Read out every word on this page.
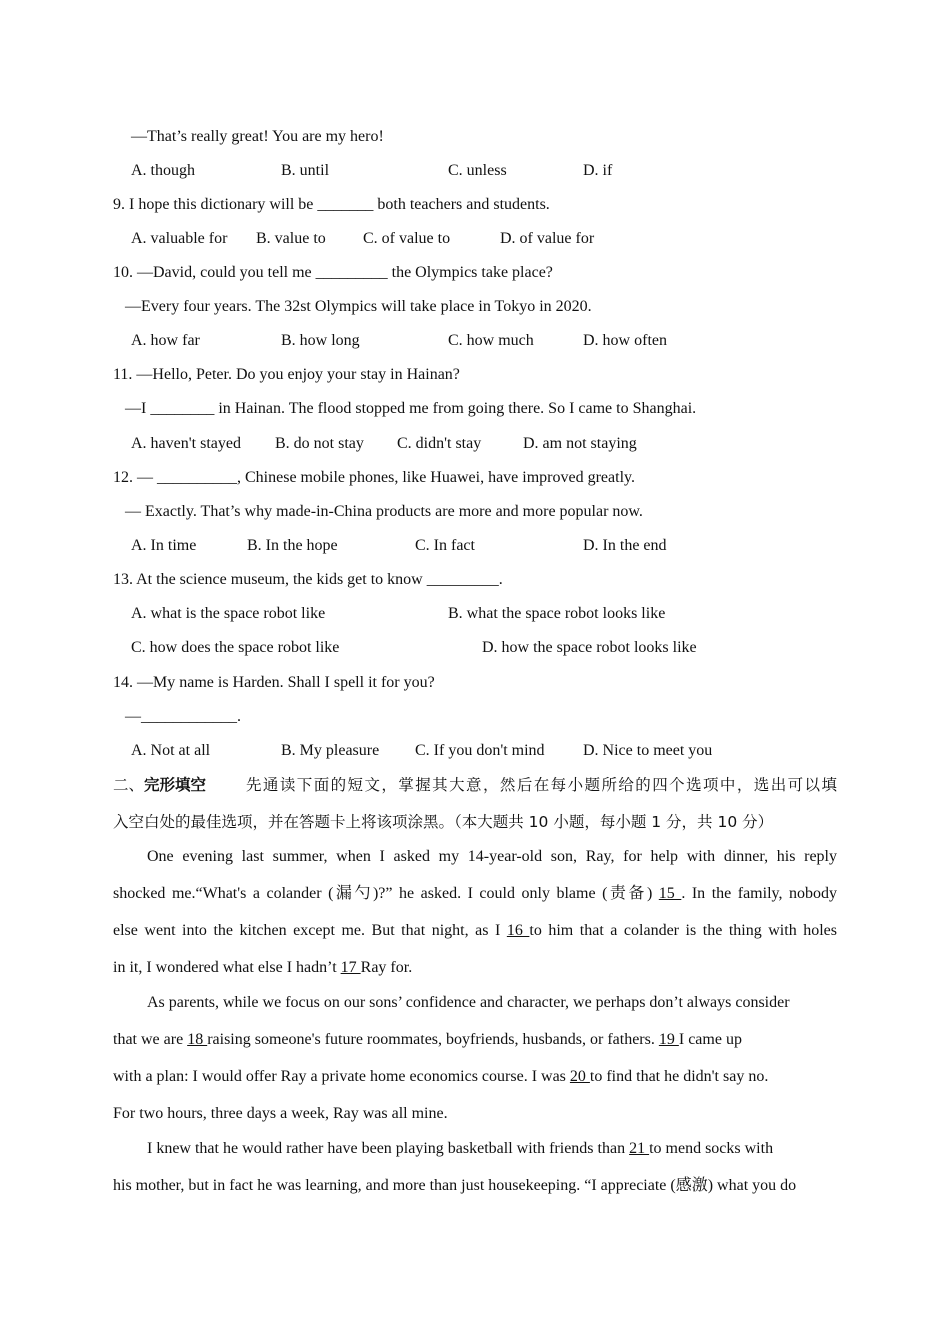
—That’s really great! You are my hero!
A. though	B. until	C. unless	D. if
9. I hope this dictionary will be _______ both teachers and students.
A. valuable for B. value to C. of value to	D. of value for
10. —David, could you tell me _________ the Olympics take place?
—Every four years. The 32st Olympics will take place in Tokyo in 2020.
A. how far	B. how long	C. how much	D. how often
11. —Hello, Peter. Do you enjoy your stay in Hainan?
—I ________ in Hainan. The flood stopped me from going there. So I came to Shanghai.
A. haven't stayed B. do not stay C. didn't stay	D. am not staying
12. — __________, Chinese mobile phones, like Huawei, have improved greatly.
— Exactly. That’s why made-in-China products are more and more popular now.
A. In time	B. In the hope	C. In fact	D. In the end
13. At the science museum, the kids get to know _________.
A. what is the space robot like	B. what the space robot looks like
C. how does the space robot like	D. how the space robot looks like
14. —My name is Harden. Shall I spell it for you?
—____________.
A. Not at all	B. My pleasure C. If you don't mind D. Nice to meet you
二、完形填空	先通读下面的短文，掌握其大意，然后在每小题所给的四个选项中，选出可以填
入空白处的最佳选项，并在答题卡上将该项涂黑。（本大题共 10 小题，每小题 1 分，共 10 分）
One evening last summer, when I asked my 14-year-old son, Ray, for help with dinner, his reply
shocked me.“What's a colander (漏勺)?” he asked. I could only blame (责备) 15 . In the family, nobody
else went into the kitchen except me. But that night, as I 16 to him that a colander is the thing with holes
in it, I wondered what else I hadn’t 17 Ray for.
As parents, while we focus on our sons’ confidence and character, we perhaps don’t always consider
that we are 18 raising someone's future roommates, boyfriends, husbands, or fathers. 19 I came up
with a plan: I would offer Ray a private home economics course. I was 20 to find that he didn't say no.
For two hours, three days a week, Ray was all mine.
I knew that he would rather have been playing basketball with friends than 21 to mend socks with
his mother, but in fact he was learning, and more than just housekeeping. “I appreciate (感激) what you do
